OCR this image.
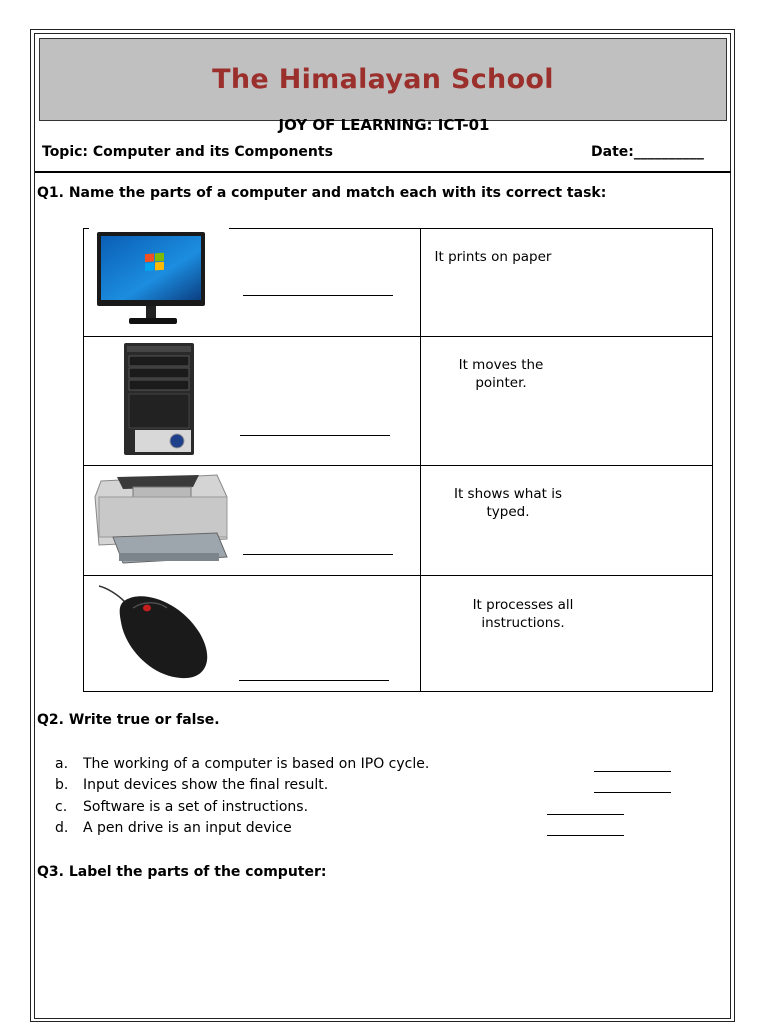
The Himalayan School
JOY OF LEARNING: ICT-01
Topic: Computer and its Components	Date:__________
Q1. Name the parts of a computer and match each with its correct task:
It prints on paper
It moves the
pointer.
It shows what is
typed.
It processes all
instructions.
Q2. Write true or false.
a. The working of a computer is based on IPO cycle.
b. Input devices show the final result.
c. Software is a set of instructions.
d. A pen drive is an input device
Q3. Label the parts of the computer:
